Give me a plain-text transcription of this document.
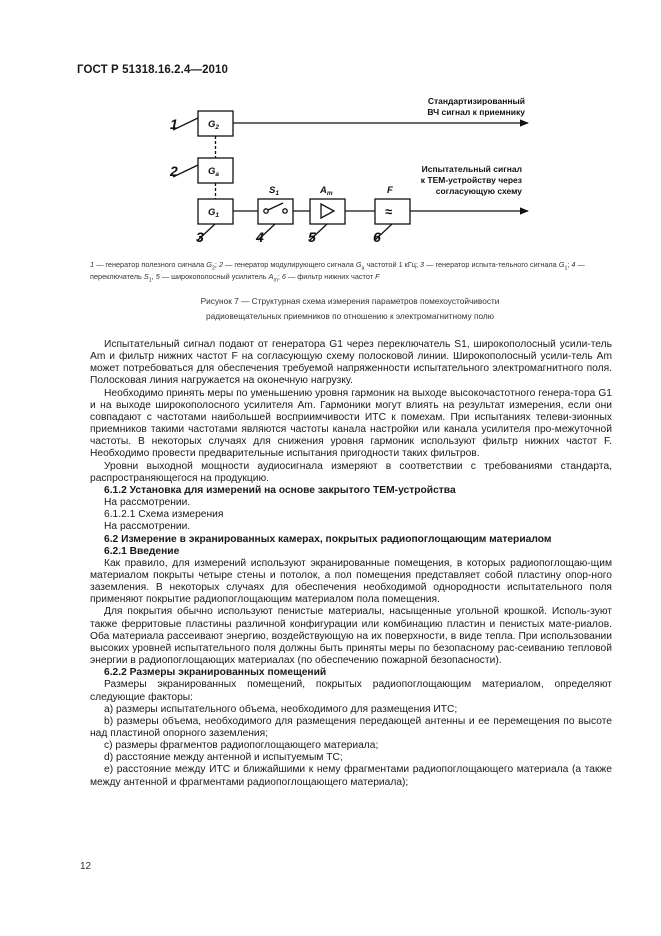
ГОСТ Р 51318.16.2.4—2010
$G_2$
$G_a$
$G_1$
$S_1$	$A_m$	F
≈
1
2
3	4	5	6
Стандартизированный
ВЧ сигнал к приемнику
Испытательный сигнал
к ТЕМ-устройству через
согласующую схему
1 — генератор полезного сигнала $G_2$; 2 — генератор модулирующего сигнала $G_a$ частотой 1 кГц; 3 — генератор испыта-тельного сигнала $G_1$; 4 — переключатель $S_1$, 5 — широкополосный усилитель $A_m$; 6 — фильтр нижних частот F
Рисунок 7 — Структурная схема измерения параметров помехоустойчивости
радиовещательных приемников по отношению к электромагнитному полю

Испытательный сигнал подают от генератора G1 через переключатель S1, широкополосный усили-тель Am и фильтр нижних частот F на согласующую схему полосковой линии. Широкополосный усили-тель Am может потребоваться для обеспечения требуемой напряженности испытательного электромагнитного поля. Полосковая линия нагружается на оконечную нагрузку.

Необходимо принять меры по уменьшению уровня гармоник на выходе высокочастотного генера-тора G1 и на выходе широкополосного усилителя Am. Гармоники могут влиять на результат измерения, если они совпадают с частотами наибольшей восприимчивости ИТС к помехам. При испытаниях телеви-зионных приемников такими частотами являются частоты канала настройки или канала усилителя про-межуточной частоты. В некоторых случаях для снижения уровня гармоник используют фильтр нижних частот F. Необходимо провести предварительные испытания пригодности таких фильтров.

Уровни выходной мощности аудиосигнала измеряют в соответствии с требованиями стандарта, распространяющегося на продукцию.

6.1.2 Установка для измерений на основе закрытого ТЕМ-устройства

На рассмотрении.

6.1.2.1 Схема измерения

На рассмотрении.

6.2 Измерение в экранированных камерах, покрытых радиопоглощающим материалом

6.2.1 Введение

Как правило, для измерений используют экранированные помещения, в которых радиопоглощаю-щим материалом покрыты четыре стены и потолок, а пол помещения представляет собой пластину опор-ного заземления. В некоторых случаях для обеспечения необходимой однородности испытательного поля применяют покрытие радиопоглощающим материалом пола помещения.

Для покрытия обычно используют пенистые материалы, насыщенные угольной крошкой. Исполь-зуют также ферритовые пластины различной конфигурации или комбинацию пластин и пенистых мате-риалов. Оба материала рассеивают энергию, воздействующую на их поверхности, в виде тепла. При использовании высоких уровней испытательного поля должны быть приняты меры по безопасному рас-сеиванию тепловой энергии в радиопоглощающих материалах (по обеспечению пожарной безопасности).

6.2.2 Размеры экранированных помещений

Размеры экранированных помещений, покрытых радиопоглощающим материалом, определяют следующие факторы:

a) размеры испытательного объема, необходимого для размещения ИТС;

b) размеры объема, необходимого для размещения передающей антенны и ее перемещения по высоте над пластиной опорного заземления;

c) размеры фрагментов радиопоглощающего материала;

d) расстояние между антенной и испытуемым ТС;

e) расстояние между ИТС и ближайшими к нему фрагментами радиопоглощающего материала (а также между антенной и фрагментами радиопоглощающего материала);

12
